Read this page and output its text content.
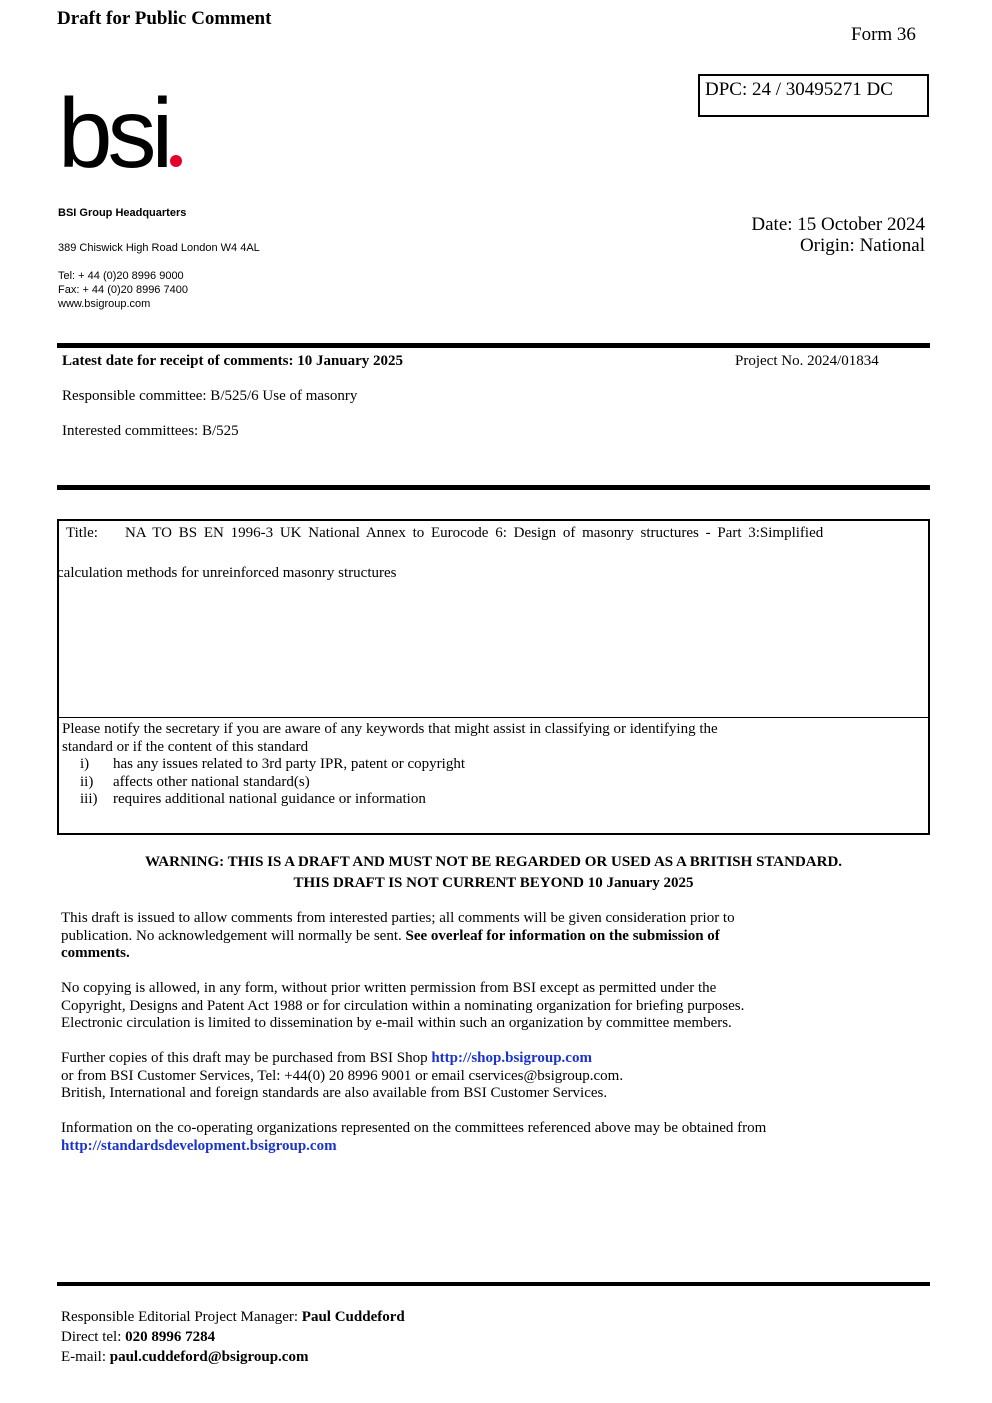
Draft for Public Comment
Form 36
DPC: 24 / 30495271 DC
bsi
BSI Group Headquarters
389 Chiswick High Road London W4 4AL
Tel: + 44 (0)20 8996 9000
Fax: + 44 (0)20 8996 7400
www.bsigroup.com
Date: 15 October 2024
Origin: National
Latest date for receipt of comments: 10 January 2025	Project No. 2024/01834
Responsible committee: B/525/6 Use of masonry
Interested committees: B/525
Title: NA TO BS EN 1996-3 UK National Annex to Eurocode 6: Design of masonry structures - Part 3:Simplified
calculation methods for unreinforced masonry structures
Please notify the secretary if you are aware of any keywords that might assist in classifying or identifying the
standard or if the content of this standard
i) has any issues related to 3rd party IPR, patent or copyright
ii) affects other national standard(s)
iii) requires additional national guidance or information
WARNING: THIS IS A DRAFT AND MUST NOT BE REGARDED OR USED AS A BRITISH STANDARD.
THIS DRAFT IS NOT CURRENT BEYOND 10 January 2025
This draft is issued to allow comments from interested parties; all comments will be given consideration prior to
publication. No acknowledgement will normally be sent. See overleaf for information on the submission of
comments.
No copying is allowed, in any form, without prior written permission from BSI except as permitted under the
Copyright, Designs and Patent Act 1988 or for circulation within a nominating organization for briefing purposes.
Electronic circulation is limited to dissemination by e-mail within such an organization by committee members.
Further copies of this draft may be purchased from BSI Shop http://shop.bsigroup.com
or from BSI Customer Services, Tel: +44(0) 20 8996 9001 or email cservices@bsigroup.com.
British, International and foreign standards are also available from BSI Customer Services.
Information on the co-operating organizations represented on the committees referenced above may be obtained from
http://standardsdevelopment.bsigroup.com
Responsible Editorial Project Manager: Paul Cuddeford
Direct tel: 020 8996 7284
E-mail: paul.cuddeford@bsigroup.com
